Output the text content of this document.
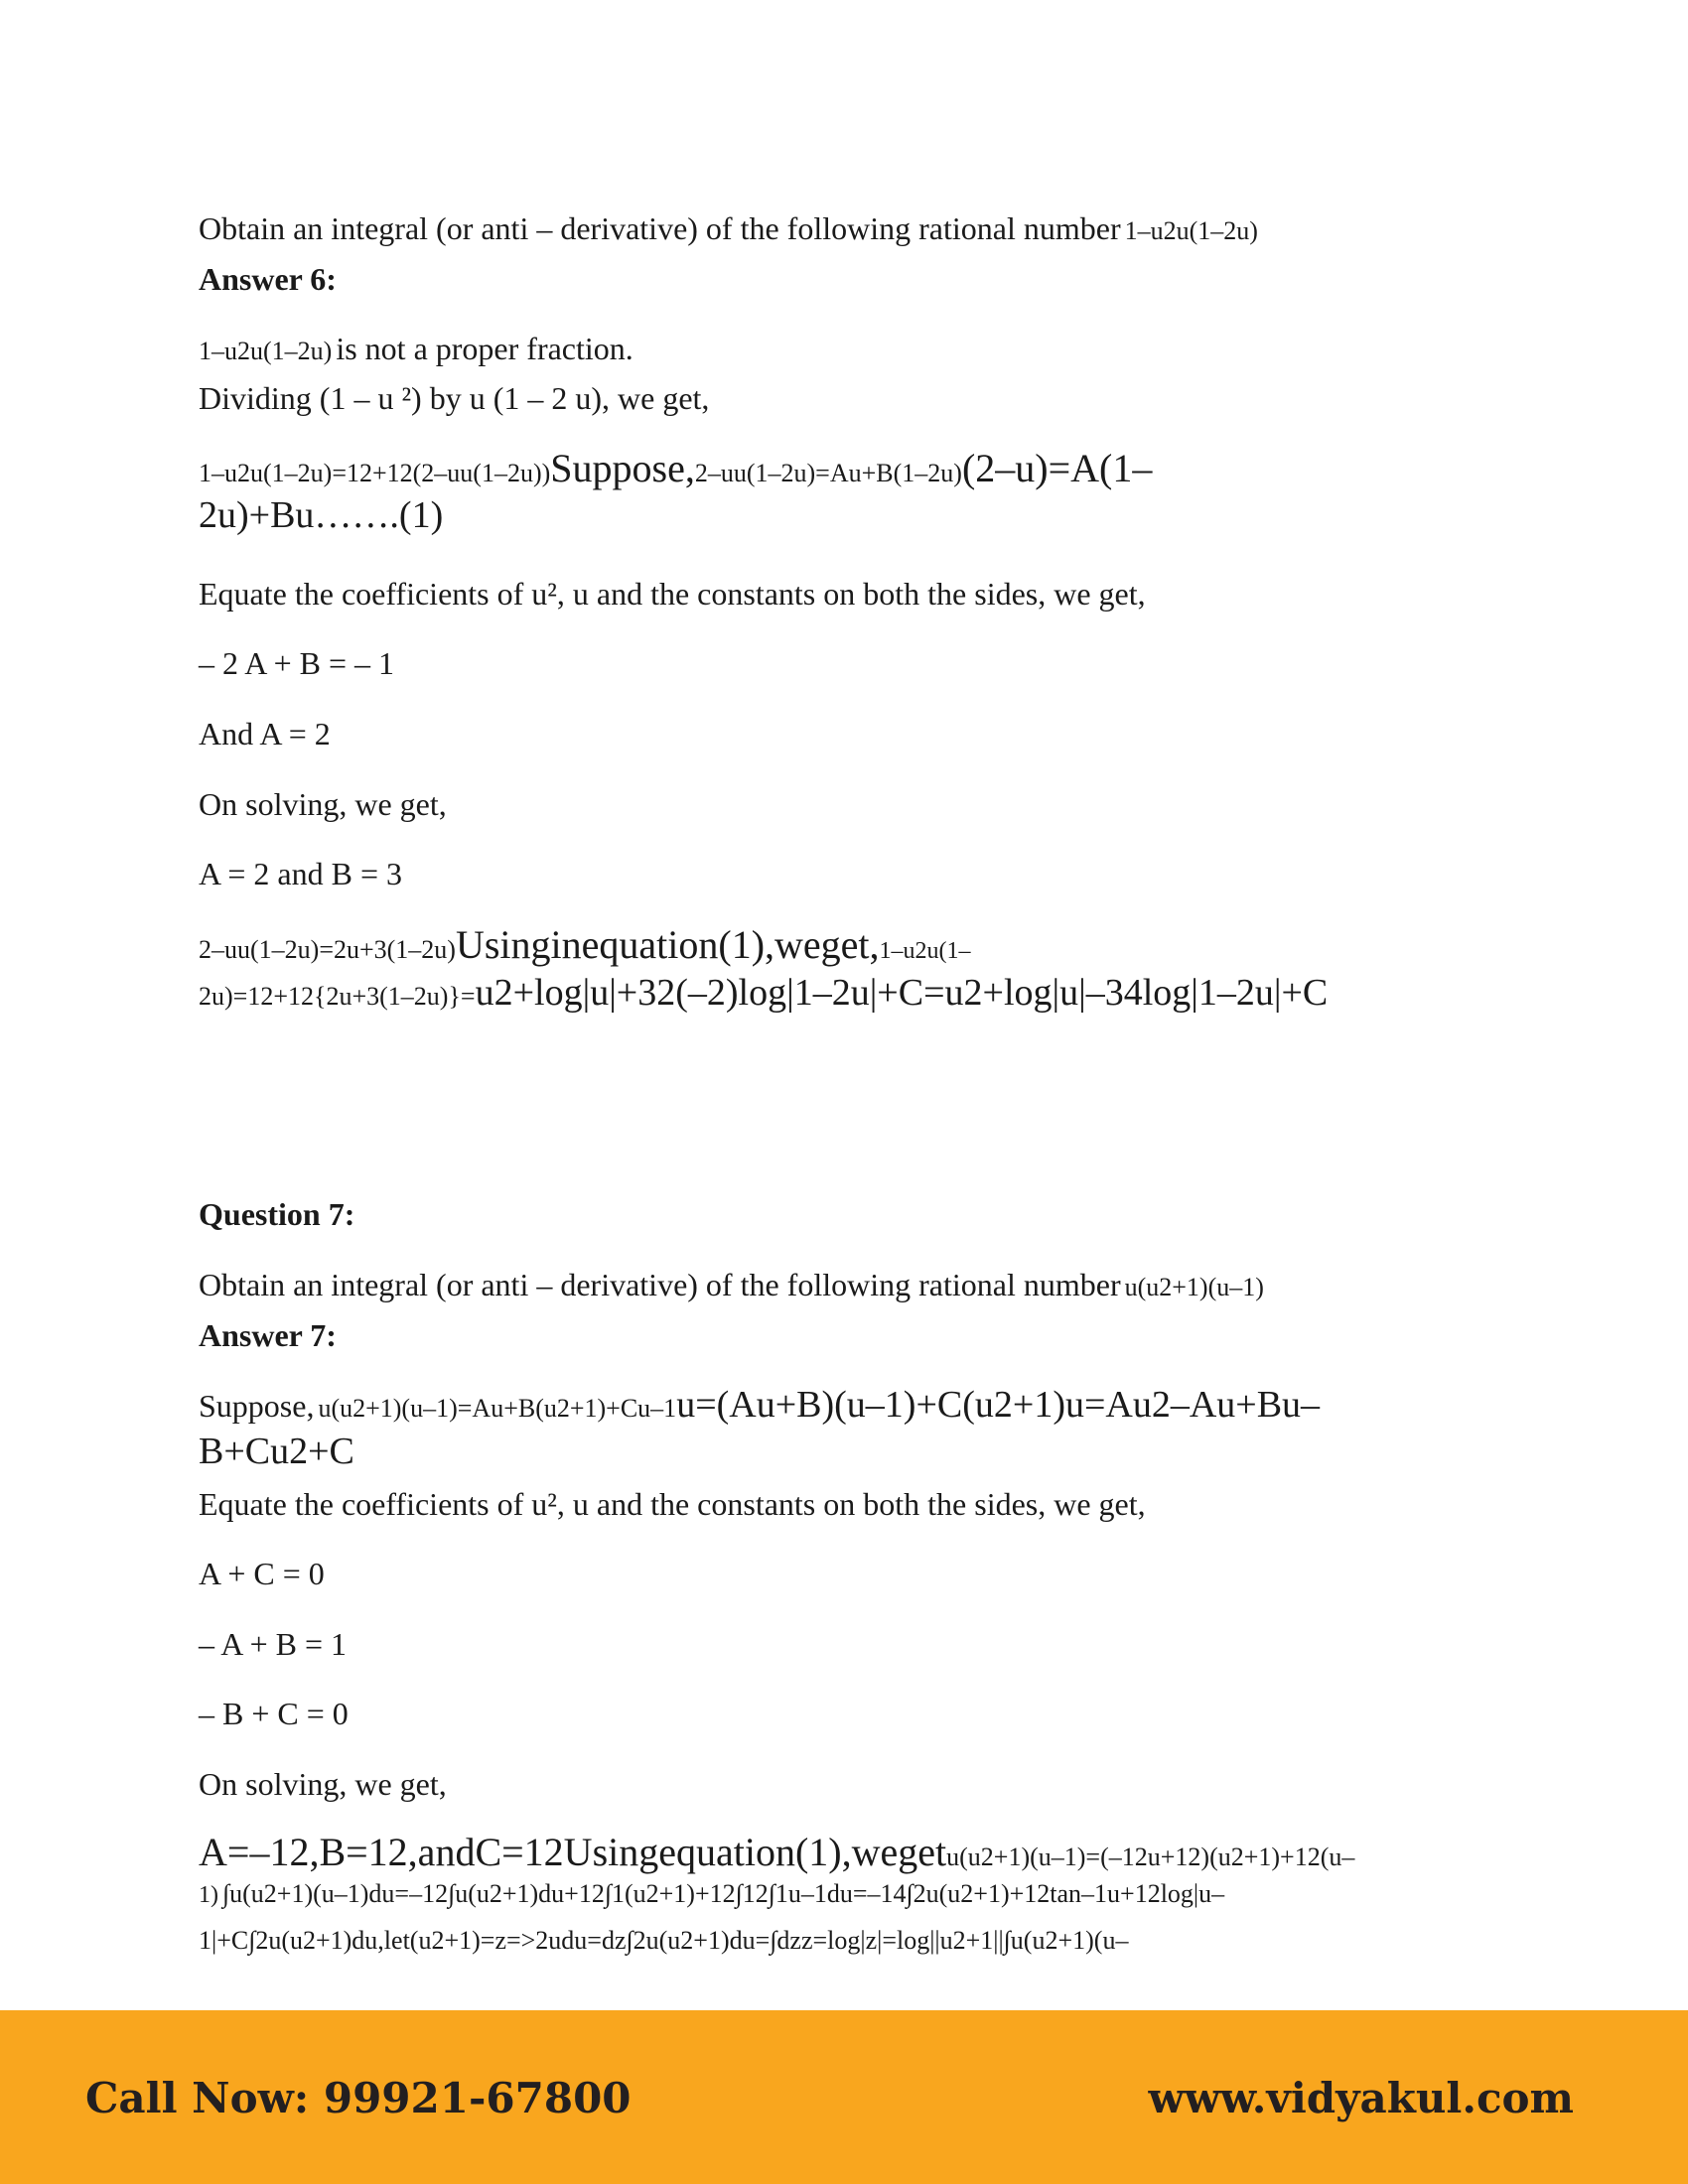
Obtain an integral (or anti – derivative) of the following rational number 1–u2u(1–2u)
Answer 6:
1–u2u(1–2u) is not a proper fraction.
Dividing (1 – u ²) by u (1 – 2 u), we get,
1–u2u(1–2u)=12+12(2–uu(1–2u))Suppose,2–uu(1–2u)=Au+B(1–2u)(2–u)=A(1–
2u)+Bu…….(1)
Equate the coefficients of u², u and the constants on both the sides, we get,
– 2 A + B = – 1
And A = 2
On solving, we get,
A = 2 and B = 3
2–uu(1–2u)=2u+3(1–2u)Usinginequation(1),weget,1–u2u(1–
2u)=12+12{2u+3(1–2u)}=u2+log|u|+32(–2)log|1–2u|+C=u2+log|u|–34log|1–2u|+C
Question 7:
Obtain an integral (or anti – derivative) of the following rational number u(u2+1)(u–1)
Answer 7:
Suppose, u(u2+1)(u–1)=Au+B(u2+1)+Cu–1u=(Au+B)(u–1)+C(u2+1)u=Au2–Au+Bu–
B+Cu2+C
Equate the coefficients of u², u and the constants on both the sides, we get,
A + C = 0
– A + B = 1
– B + C = 0
On solving, we get,
A=–12,B=12,andC=12Usingequation(1),wegetu(u2+1)(u–1)=(–12u+12)(u2+1)+12(u–
1) ∫u(u2+1)(u–1)du=–12∫u(u2+1)du+12∫1(u2+1)+12∫12∫1u–1du=–14∫2u(u2+1)+12tan–1u+12log|u–
1|+C∫2u(u2+1)du,let(u2+1)=z=>2udu=dz∫2u(u2+1)du=∫dzz=log|z|=log||u2+1||∫u(u2+1)(u–
Call Now: 99921-67800	www.vidyakul.com
